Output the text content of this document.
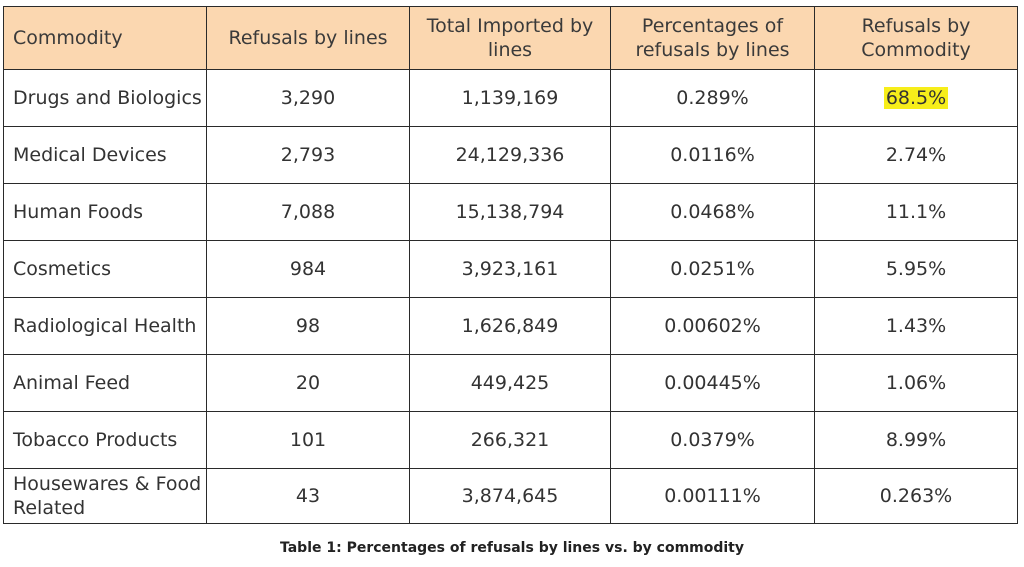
Commodity	Refusals by lines	Total Imported by lines	Percentages of refusals by lines	Refusals by Commodity
Drugs and Biologics	3,290	1,139,169	0.289%	68.5%
Medical Devices	2,793	24,129,336	0.0116%	2.74%
Human Foods	7,088	15,138,794	0.0468%	11.1%
Cosmetics	984	3,923,161	0.0251%	5.95%
Radiological Health	98	1,626,849	0.00602%	1.43%
Animal Feed	20	449,425	0.00445%	1.06%
Tobacco Products	101	266,321	0.0379%	8.99%
Housewares & Food Related	43	3,874,645	0.00111%	0.263%
Table 1: Percentages of refusals by lines vs. by commodity
